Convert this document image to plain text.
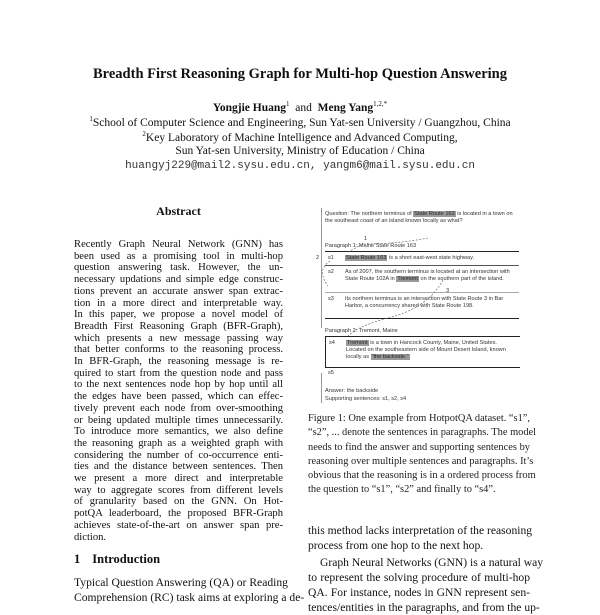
Breadth First Reasoning Graph for Multi-hop Question Answering
Yongjie Huang$^1$ and Meng Yang$^{1,2,*}$
$^1$School of Computer Science and Engineering, Sun Yat-sen University / Guangzhou, China
$^2$Key Laboratory of Machine Intelligence and Advanced Computing,
Sun Yat-sen University, Ministry of Education / China
huangyj229@mail2.sysu.edu.cn, yangm6@mail.sysu.edu.cn
Abstract
Recently Graph Neural Network (GNN) has
been used as a promising tool in multi-hop
question answering task. However, the un-
necessary updations and simple edge construc-
tions prevent an accurate answer span extrac-
tion in a more direct and interpretable way.
In this paper, we propose a novel model of
Breadth First Reasoning Graph (BFR-Graph),
which presents a new message passing way
that better conforms to the reasoning process.
In BFR-Graph, the reasoning message is re-
quired to start from the question node and pass
to the next sentences node hop by hop until all
the edges have been passed, which can effec-
tively prevent each node from over-smoothing
or being updated multiple times unnecessarily.
To introduce more semantics, we also define
the reasoning graph as a weighted graph with
considering the number of co-occurrence enti-
ties and the distance between sentences. Then
we present a more direct and interpretable
way to aggregate scores from different levels
of granularity based on the GNN. On Hot-
potQA leaderboard, the proposed BFR-Graph
achieves state-of-the-art on answer span pre-
diction.
1 Introduction
Typical Question Answering (QA) or Reading
Comprehension (RC) task aims at exploring a de-
Question: The northern terminus of State Route 163 is located in a town on the southeast coast of an island known locally as what?
Paragraph 1: Maine State Route 163
s1	State Route 163 is a short east-west state highway.
s2	As of 2007, the southern terminus is located at an intersection with State Route 102A in Tremont on the southern part of the island.
s3	Its northern terminus is an intersection with State Route 3 in Bar Harbor, a concurrency shared with State Route 198.
Paragraph 2: Tremont, Maine
s4	Tremont is a town in Hancock County, Maine, United States. Located on the southeastern side of Mount Desert Island, known locally as "the backside."
s5
Answer: the backside
Supporting sentences: s1, s2, s4
1
2
3
Figure 1: One example from HotpotQA dataset. “s1”,
“s2”, ... denote the sentences in paragraphs. The model
needs to find the answer and supporting sentences by
reasoning over multiple sentences and paragraphs. It’s
obvious that the reasoning is in a ordered process from
the question to “s1”, “s2” and finally to “s4”.
this method lacks interpretation of the reasoning
process from one hop to the next hop.
Graph Neural Networks (GNN) is a natural way
to represent the solving procedure of multi-hop
QA. For instance, nodes in GNN represent sen-
tences/entities in the paragraphs, and from the up-
